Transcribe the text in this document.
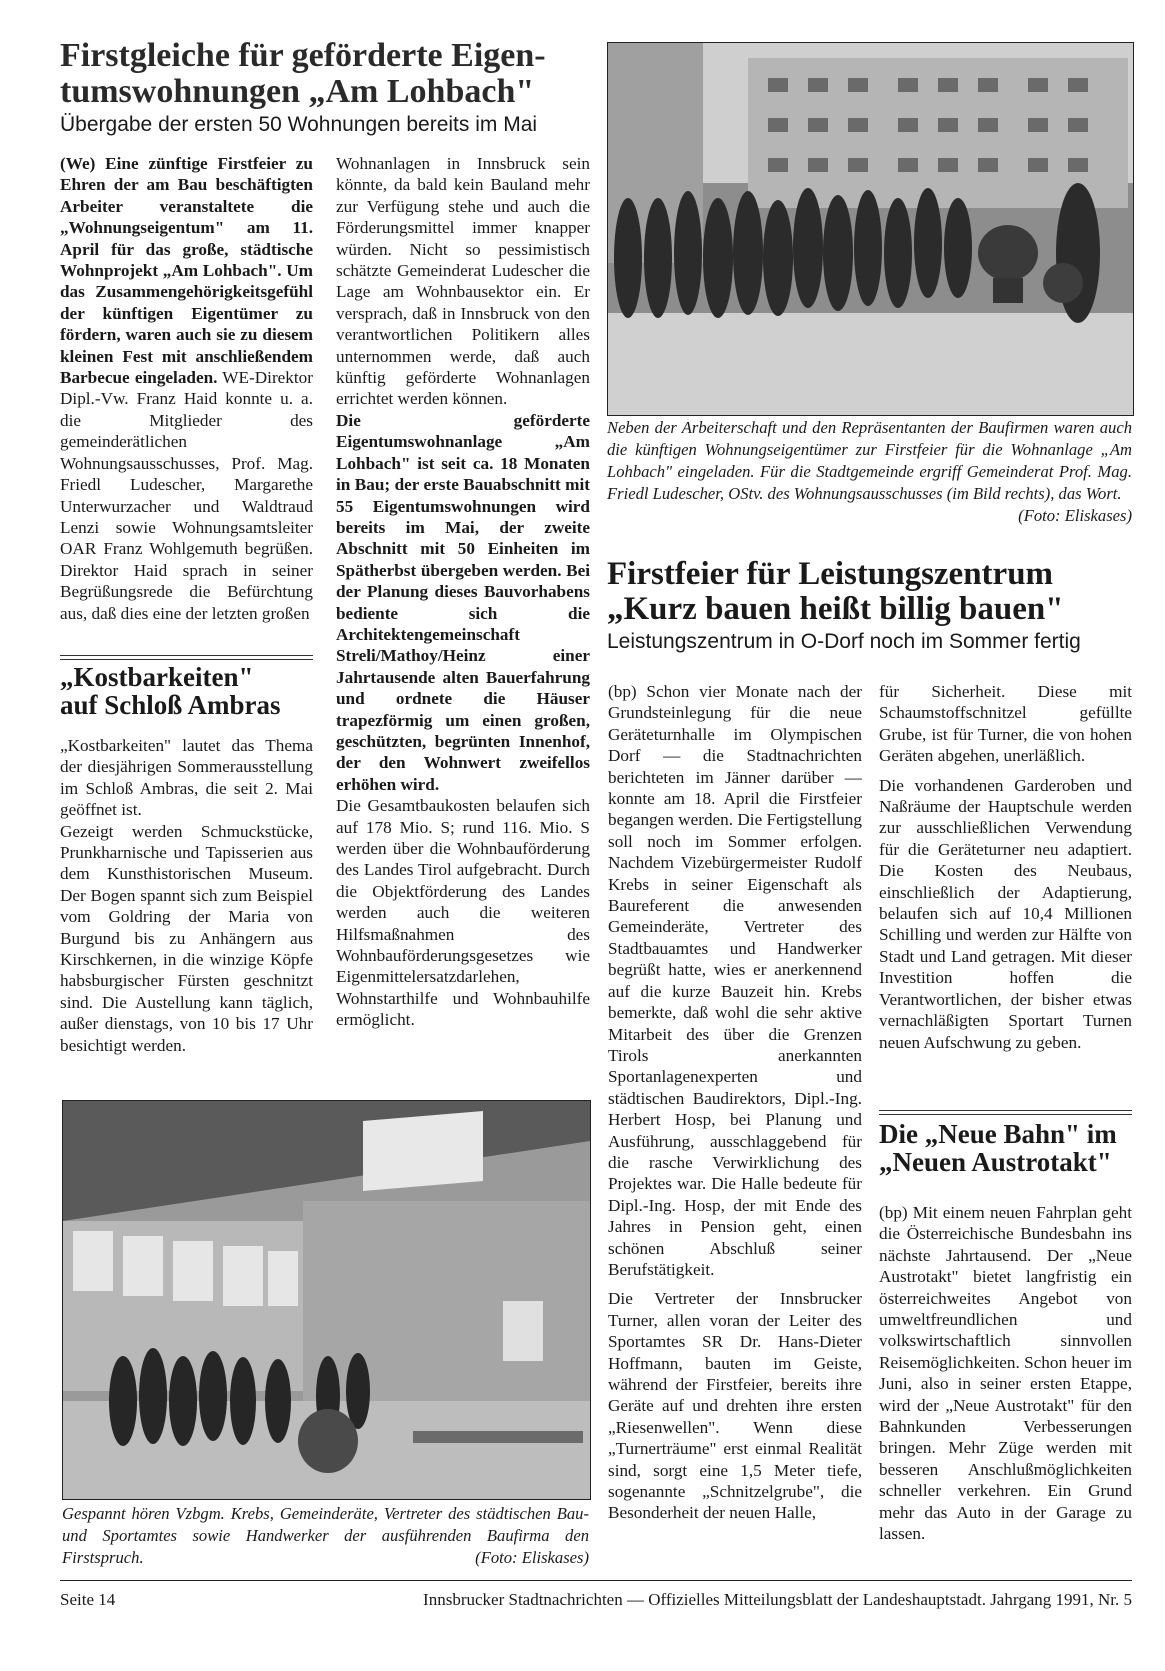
Firstgleiche für geförderte Eigen-
tumswohnungen „Am Lohbach"

Übergabe der ersten 50 Wohnungen bereits im Mai

(We) Eine zünftige Firstfeier zu Ehren der am Bau beschäftigten Arbeiter veranstaltete die „Wohnungseigentum" am 11. April für das große, städtische Wohnprojekt „Am Lohbach". Um das Zusammengehörigkeitsgefühl der künftigen Eigentümer zu fördern, waren auch sie zu diesem kleinen Fest mit anschließendem Barbecue eingeladen. WE-Direktor Dipl.-Vw. Franz Haid konnte u. a. die Mitglieder des gemeinderätlichen Wohnungsausschusses, Prof. Mag. Friedl Ludescher, Margarethe Unterwurzacher und Waldtraud Lenzi sowie Wohnungsamtsleiter OAR Franz Wohlgemuth begrüßen. Direktor Haid sprach in seiner Begrüßungsrede die Befürchtung aus, daß dies eine der letzten großen

Wohnanlagen in Innsbruck sein könnte, da bald kein Bauland mehr zur Verfügung stehe und auch die Förderungsmittel immer knapper würden. Nicht so pessimistisch schätzte Gemeinderat Ludescher die Lage am Wohnbausektor ein. Er versprach, daß in Innsbruck von den verantwortlichen Politikern alles unternommen werde, daß auch künftig geförderte Wohnanlagen errichtet werden können.

Die geförderte Eigentumswohnanlage „Am Lohbach" ist seit ca. 18 Monaten in Bau; der erste Bauabschnitt mit 55 Eigentumswohnungen wird bereits im Mai, der zweite Abschnitt mit 50 Einheiten im Spätherbst übergeben werden. Bei der Planung dieses Bauvorhabens bediente sich die Architektengemeinschaft Streli/Mathoy/Heinz einer Jahrtausende alten Bauerfahrung und ordnete die Häuser trapezförmig um einen großen, geschützten, begrünten Innenhof, der den Wohnwert zweifellos erhöhen wird.

Die Gesamtbaukosten belaufen sich auf 178 Mio. S; rund 116. Mio. S werden über die Wohnbauförderung des Landes Tirol aufgebracht. Durch die Objektförderung des Landes werden auch die weiteren Hilfsmaßnahmen des Wohnbauförderungsgesetzes wie Eigenmittelersatzdarlehen, Wohnstarthilfe und Wohnbauhilfe ermöglicht.

Neben der Arbeiterschaft und den Repräsentanten der Baufirmen waren auch die künftigen Wohnungseigentümer zur Firstfeier für die Wohnanlage „Am Lohbach" eingeladen. Für die Stadtgemeinde ergriff Gemeinderat Prof. Mag. Friedl Ludescher, OStv. des Wohnungsausschusses (im Bild rechts), das Wort.
(Foto: Eliskases)

„Kostbarkeiten"
auf Schloß Ambras

„Kostbarkeiten" lautet das Thema der diesjährigen Sommerausstellung im Schloß Ambras, die seit 2. Mai geöffnet ist.

Gezeigt werden Schmuckstücke, Prunkharnische und Tapisserien aus dem Kunsthistorischen Museum. Der Bogen spannt sich zum Beispiel vom Goldring der Maria von Burgund bis zu Anhängern aus Kirschkernen, in die winzige Köpfe habsburgischer Fürsten geschnitzt sind. Die Austellung kann täglich, außer dienstags, von 10 bis 17 Uhr besichtigt werden.

Gespannt hören Vzbgm. Krebs, Gemeinderäte, Vertreter des städtischen Bau- und Sportamtes sowie Handwerker der ausführenden Baufirma den Firstspruch.	(Foto: Eliskases)

Firstfeier für Leistungszentrum
„Kurz bauen heißt billig bauen"

Leistungszentrum in O-Dorf noch im Sommer fertig

(bp) Schon vier Monate nach der Grundsteinlegung für die neue Geräteturnhalle im Olympischen Dorf — die Stadtnachrichten berichteten im Jänner darüber — konnte am 18. April die Firstfeier begangen werden. Die Fertigstellung soll noch im Sommer erfolgen. Nachdem Vizebürgermeister Rudolf Krebs in seiner Eigenschaft als Baureferent die anwesenden Gemeinderäte, Vertreter des Stadtbauamtes und Handwerker begrüßt hatte, wies er anerkennend auf die kurze Bauzeit hin. Krebs bemerkte, daß wohl die sehr aktive Mitarbeit des über die Grenzen Tirols anerkannten Sportanlagenexperten und städtischen Baudirektors, Dipl.-Ing. Herbert Hosp, bei Planung und Ausführung, ausschlaggebend für die rasche Verwirklichung des Projektes war. Die Halle bedeute für Dipl.-Ing. Hosp, der mit Ende des Jahres in Pension geht, einen schönen Abschluß seiner Berufstätigkeit.

Die Vertreter der Innsbrucker Turner, allen voran der Leiter des Sportamtes SR Dr. Hans-Dieter Hoffmann, bauten im Geiste, während der Firstfeier, bereits ihre Geräte auf und drehten ihre ersten „Riesenwellen". Wenn diese „Turnerträume" erst einmal Realität sind, sorgt eine 1,5 Meter tiefe, sogenannte „Schnitzelgrube", die Besonderheit der neuen Halle,

für Sicherheit. Diese mit Schaumstoffschnitzel gefüllte Grube, ist für Turner, die von hohen Geräten abgehen, unerläßlich.

Die vorhandenen Garderoben und Naßräume der Hauptschule werden zur ausschließlichen Verwendung für die Geräteturner neu adaptiert. Die Kosten des Neubaus, einschließlich der Adaptierung, belaufen sich auf 10,4 Millionen Schilling und werden zur Hälfte von Stadt und Land getragen. Mit dieser Investition hoffen die Verantwortlichen, der bisher etwas vernachläßigten Sportart Turnen neuen Aufschwung zu geben.

Die „Neue Bahn" im
„Neuen Austrotakt"

(bp) Mit einem neuen Fahrplan geht die Österreichische Bundesbahn ins nächste Jahrtausend. Der „Neue Austrotakt" bietet langfristig ein österreichweites Angebot von umweltfreundlichen und volkswirtschaftlich sinnvollen Reisemöglichkeiten. Schon heuer im Juni, also in seiner ersten Etappe, wird der „Neue Austrotakt" für den Bahnkunden Verbesserungen bringen. Mehr Züge werden mit besseren Anschlußmöglichkeiten schneller verkehren. Ein Grund mehr das Auto in der Garage zu lassen.

Seite 14	Innsbrucker Stadtnachrichten — Offizielles Mitteilungsblatt der Landeshauptstadt. Jahrgang 1991, Nr. 5
